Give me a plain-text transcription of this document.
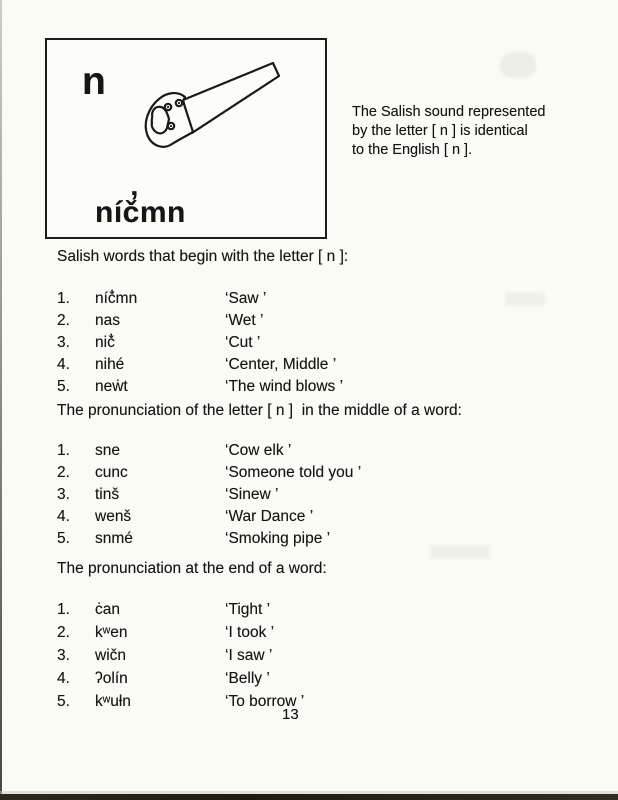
n
níč̓mn
The Salish sound represented
by the letter [ n ] is identical
to the English [ n ].
Salish words that begin with the letter [ n ]:
1.	níč̓mn	‘Saw ’
2.	nas	‘Wet ’
3.	nič̓	‘Cut ’
4.	nihé	‘Center, Middle ’
5.	neẇt	‘The wind blows ’
The pronunciation of the letter [ n ]  in the middle of a word:
1.	sne	‘Cow elk ’
2.	cunc	‘Someone told you ’
3.	tinš	‘Sinew ’
4.	wenš	‘War Dance ’
5.	snmé	‘Smoking pipe ’
The pronunciation at the end of a word:
1.	ċan	‘Tight ’
2.	kʷen	‘I took ’
3.	wičn	‘I saw ’
4.	ʔolín	‘Belly ’
5.	kʷuƚn	‘To borrow ’
13
